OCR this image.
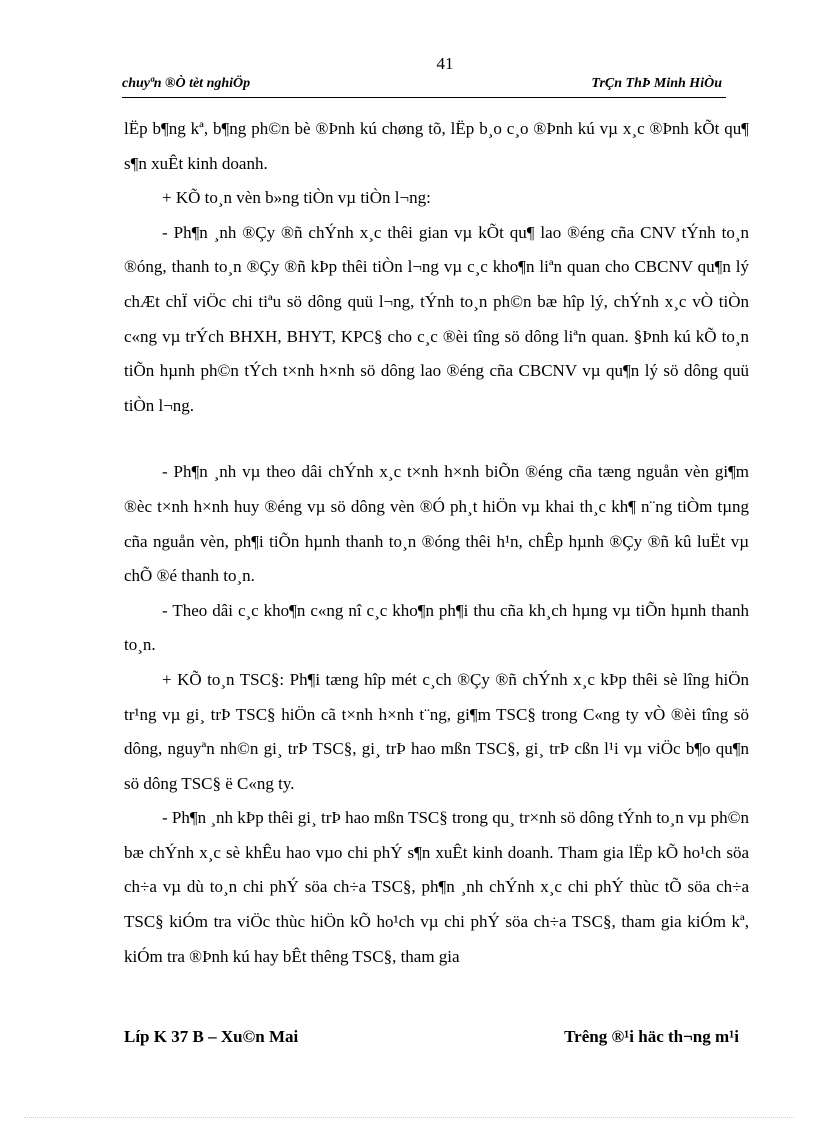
41
chuyªn ®Ò tèt nghiÖp	TrÇn ThÞ Minh HiÒu

lËp b¶ng kª, b¶ng ph©n bè ®Þnh kú chøng tõ, lËp b¸o c¸o ®Þnh kú vµ x¸c ®Þnh kÕt qu¶ s¶n xuÊt kinh doanh.

+ KÕ to¸n vèn b»ng tiÒn vµ tiÒn l¬ng:

- Ph¶n ¸nh ®Çy ®ñ chÝnh x¸c thêi gian vµ kÕt qu¶ lao ®éng cña CNV tÝnh to¸n ®óng, thanh to¸n ®Çy ®ñ kÞp thêi tiÒn l¬ng vµ c¸c kho¶n liªn quan cho CBCNV qu¶n lý chÆt chÏ viÖc chi tiªu sö dông quü l¬ng, tÝnh to¸n ph©n bæ hîp lý, chÝnh x¸c vÒ tiÒn c«ng vµ trÝch BHXH, BHYT, KPC§ cho c¸c ®èi tîng sö dông liªn quan. §Þnh kú kÕ to¸n tiÕn hµnh ph©n tÝch t×nh h×nh sö dông lao ®éng cña CBCNV vµ qu¶n lý sö dông quü tiÒn l¬ng.

- Ph¶n ¸nh vµ theo dâi chÝnh x¸c t×nh h×nh biÕn ®éng cña tæng nguån vèn gi¶m ®èc t×nh h×nh huy ®éng vµ sö dông vèn ®Ó ph¸t hiÖn vµ khai th¸c kh¶ n¨ng tiÒm tµng cña nguån vèn, ph¶i tiÕn hµnh thanh to¸n ®óng thêi h¹n, chÊp hµnh ®Çy ®ñ kû luËt vµ chÕ ®é thanh to¸n.

- Theo dâi c¸c kho¶n c«ng nî c¸c kho¶n ph¶i thu cña kh¸ch hµng vµ tiÕn hµnh thanh to¸n.

+ KÕ to¸n TSC§: Ph¶i tæng hîp mét c¸ch ®Çy ®ñ chÝnh x¸c kÞp thêi sè lîng hiÖn tr¹ng vµ gi¸ trÞ TSC§ hiÖn cã t×nh h×nh t¨ng, gi¶m TSC§ trong C«ng ty vÒ ®èi tîng sö dông, nguyªn nh©n gi¸ trÞ TSC§, gi¸ trÞ hao mßn TSC§, gi¸ trÞ cßn l¹i vµ viÖc b¶o qu¶n sö dông TSC§ ë C«ng ty.

- Ph¶n ¸nh kÞp thêi gi¸ trÞ hao mßn TSC§ trong qu¸ tr×nh sö dông tÝnh to¸n vµ ph©n bæ chÝnh x¸c sè khÊu hao vµo chi phÝ s¶n xuÊt kinh doanh. Tham gia lËp kÕ ho¹ch söa ch÷a vµ dù to¸n chi phÝ söa ch÷a TSC§, ph¶n ¸nh chÝnh x¸c chi phÝ thùc tÕ söa ch÷a TSC§ kiÓm tra viÖc thùc hiÖn kÕ ho¹ch vµ chi phÝ söa ch÷a TSC§, tham gia kiÓm kª, kiÓm tra ®Þnh kú hay bÊt thêng TSC§, tham gia

Líp K 37 B – Xu©n Mai	Trêng ®¹i häc th¬ng m¹i
